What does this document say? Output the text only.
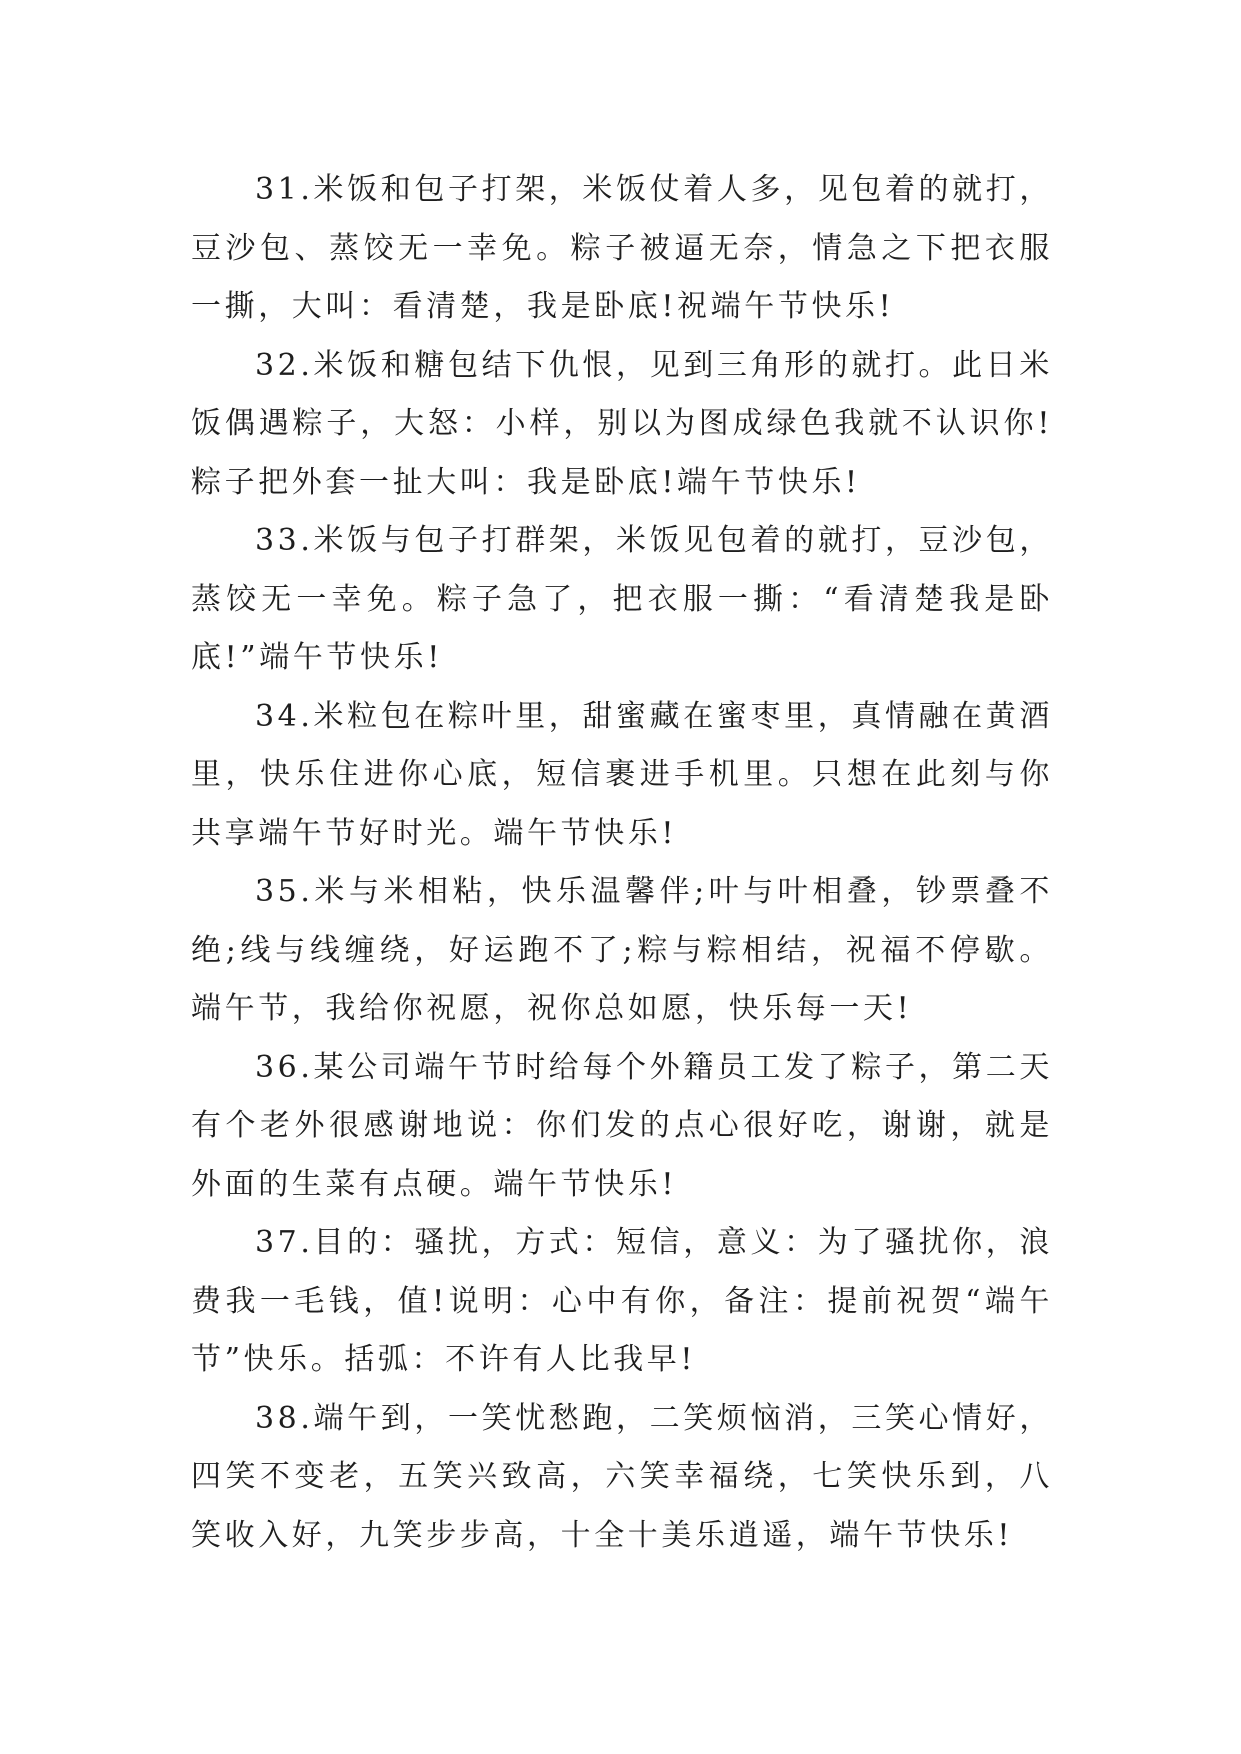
31.米饭和包子打架，米饭仗着人多，见包着的就打，豆沙包、蒸饺无一幸免。粽子被逼无奈，情急之下把衣服一撕，大叫：看清楚，我是卧底!祝端午节快乐!

32.米饭和糖包结下仇恨，见到三角形的就打。此日米饭偶遇粽子，大怒：小样，别以为图成绿色我就不认识你!粽子把外套一扯大叫：我是卧底!端午节快乐!

33.米饭与包子打群架，米饭见包着的就打，豆沙包，蒸饺无一幸免。粽子急了，把衣服一撕：“看清楚我是卧底!”端午节快乐!

34.米粒包在粽叶里，甜蜜藏在蜜枣里，真情融在黄酒里，快乐住进你心底，短信裹进手机里。只想在此刻与你共享端午节好时光。端午节快乐!

35.米与米相粘，快乐温馨伴;叶与叶相叠，钞票叠不绝;线与线缠绕，好运跑不了;粽与粽相结，祝福不停歇。端午节，我给你祝愿，祝你总如愿，快乐每一天!

36.某公司端午节时给每个外籍员工发了粽子，第二天有个老外很感谢地说：你们发的点心很好吃，谢谢，就是外面的生菜有点硬。端午节快乐!

37.目的：骚扰，方式：短信，意义：为了骚扰你，浪费我一毛钱，值!说明：心中有你，备注：提前祝贺“端午节”快乐。括弧：不许有人比我早!

38.端午到，一笑忧愁跑，二笑烦恼消，三笑心情好，四笑不变老，五笑兴致高，六笑幸福绕，七笑快乐到，八笑收入好，九笑步步高，十全十美乐逍遥，端午节快乐!
